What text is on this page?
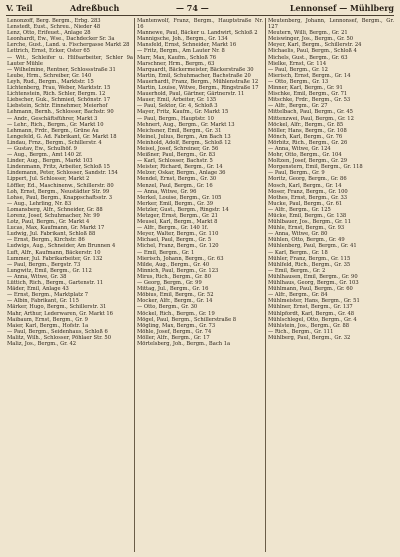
V. Teil	Adreßbuch	— 74 —	Lennonsef — Mühlberg

Lenonzoff, Berg. Bergm., Erbg. 283

Lenstedt, Eust., Schreu., Nieder 48

Lenz, Otto, Erifeuet., Anlage 28

Leonhardt, Ew., Wse., Dachdecker Sr. 3a

Lerche, Gust., Land. u. Fischergasse Markt 28

Lettrich, Ernst, Ecker, Oster 65

— Wit., Schleifer u. Hilfsarbeiter, Schler 9a Lauter Mühle

— Wilhelmine, Rentner, Schlossstraße 31

Leube, Hrm., Schreiber, Gr. 140

Leyh, Rud., Bergm., Marktstr. 15

Lichtenberg, Frau, Weber, Marktstr. 15

Lichtenstein, Rich. Schler, Bergm. 12

Liebscher, Guk., Schmied, Schönstr. 17

Liebstein, Schtr. Einnehmer, Meierhof

Lehmann, Bernh., Schlosser, Bachstr. 90

— Andr., Geschäftsführer, Markt 3

— Lehr., Rich., Bergm., Gr. Markt 10

Lehmann, Frdr., Bergm., Grüne Au

Lengefeld, G. Ad. Fabrikant, Gr. Markt 18

Lindau, Frnz., Bergm., Schillerstr. 4

— Gustav, Ew., Schulhöf. 9

— Aug., Bergm., Amt 140 2f.

Linder, Aug., Bergm., Markt 103

Lindenmann, Fritz, Arbeiter, Schloß 15

Lindemann, Peter, Schlosser, Sandstr. 154

Lippert, Jul. Schlosser, Markt 2

Löffler, Ed., Maschinenw., Schillerstr. 80

Loh, Ernst, Bergm., Neustädter Str. 99

Lohse, Paul, Bergm., Knappschaftsstr. 3

— Aug., Lehrling, Nr. 83

Lomansberg, Alfr., Schneider, Gr. 88

Lorenz, Josef, Schuhmacher, Nr. 99

Lotz, Paul, Bergm., Gr. Markt 4

Lucas, Max, Kaufmann, Gr. Markt 17

Ludwig, Jul. Fabrikant, Schloß 88

— Ernst, Bergm., Kirchstr. 86

Ludwigs, Aug., Schneider, Am Brunnen 4

Luft, Alfr., Kaufmann, Bäckerstr. 10

Lummer, Jul. Fabrikarbeiter, Gr. 132

— Paul, Bergm., Bergstr. 73

Lungwitz, Emil, Bergm., Gr. 112

— Anna, Witwe, Gr. 38

Lüttich, Rich., Bergm., Gartenstr. 11

Mäder, Emil, Anlage 43

— Ernst, Bergm., Marktplatz 7

— Albin, Fabrikant, Gr. 115

Märker, Hugo, Bergm., Schillerstr. 31

Mahr, Arthur, Lederwaren, Gr. Markt 16

Maibaum, Ernst, Bergm., Gr. 9

Maier, Karl, Bergm., Hofstr. 1a

— Paul, Bergm., Seidenhaus, Schloß 6

Malitz, Wilh., Schlosser, Pöhlaer Str. 50

Maliz, Jos., Bergm., Gr. 42

Mantenwolf, Franz, Bergm., Hauptstraße Nr. 16

Mannewe, Paul, Bäcker u. Landwirt, Schloß 2

Mannigsche, Joh., Bergm., Gr. 134

Mansfeld, Ernst, Schneider, Markt 16

— Fritz, Bergm., Am Lauter Nr. 8

Marr, Max, Kaufm., Schloß 76

Marschner, Hrm., Bergm., 63

Marquardt, Bäckermeister, Bäckerstraße 30

Martin, Emil, Schuhmacher, Bachstraße 20

Mauerhardt, Franz, Bergm., Mühlenstraße 12

Martin, Louise, Witwe, Bergm., Ringstraße 17

Mauerhold, Paul, Gärtner, Gärtnerstr. 11

Mauer, Emil, Arbeiter, Gr. 135

— Paul, Sektor, Gr. 4, Schloß 3

Mayer, Fritz, Kaufm., Gr. Markt 15

— Paul, Bergm., Hauptstr. 10

Mehnert, Aug., Bergm., Gr. Markt 13

Meichsner, Emil, Bergm., Gr. 31

Meinel, Julius, Bergm., Am Bach 13

Meinhold, Adolf, Bergm., Schloß 12

Meisel, Josef, Schreiner, Gr. 56

Meißner, Paul, Bergm., Gr. 83

— Karl, Schlosser, Bachstr. 5

Meister, Richard, Bergm., Gr. 14

Melzer, Oskar, Bergm., Anlage 36

Mendel, Ernst, Bergm., Gr. 30

Menzel, Paul, Bergm., Gr. 16

— Anna, Witwe, Gr. 96

Merkel, Louise, Bergm., Gr. 105

Merker, Emil, Bergm., Gr. 39

Metzler, Gust., Bergm., Ringstr. 14

Metzger, Ernst, Bergm., Gr. 21

Meusel, Karl, Bergm., Markt 8

— Alfr., Bergm., Gr. 140 1f.

Meyer, Walter, Bergm., Gr. 110

Michael, Paul, Bergm., Gr. 5

Michel, Franz, Bergm., Gr. 120

— Emil, Bergm., Gr. 1

Mierisch, Johann, Bergm., Gr. 63

Milde, Aug., Bergm., Gr. 40

Minnich, Paul, Bergm., Gr. 123

Mirus, Rich., Bergm., Gr. 80

— Georg, Bergm., Gr. 99

Mittag, Jul., Bergm., Gr. 16

Möbius, Emil, Bergm., Gr. 52

Mocker, Alfr., Bergm., Gr. 14

— Otto, Bergm., Gr. 30

Möckel, Rich., Bergm., Gr. 19

Mögel, Paul, Bergm., Schillerstraße 8

Mögling, Max, Bergm., Gr. 73

Möhle, Josef, Bergm., Gr. 74

Möller, Alfr., Bergm., Gr. 17

Mörtelsberg, Joh., Bergm., Bach 1a

Meutenberg, Johann, Lennonsef, Bergm., Gr. 127

Meutern, Willi, Bergm., Gr. 21

Meiswinger, Jos., Bergm., Gr. 50

Meyer, Karl, Bergm., Schillerstr. 24

Michaelis, Paul, Bergm., Schloß 4

Michels, Gust., Bergm., Gr. 63

Mielke, Ernst, Gr. 114

— Paul, Bergm., Gr. 12

Mierisch, Ernst, Bergm., Gr. 14

— Otto, Bergm., Gr. 13

Minner, Karl, Bergm., Gr. 91

Mischke, Emil, Bergm., Gr. 71

Mitschke, Frdr., Bergm., Gr. 53

— Alfr., Bergm., Gr. 27

Mittelbach, Paul, Bergm., Gr. 45

Mittenzwei, Paul, Bergm., Gr. 12

Möckel, Alfr., Bergm., Gr. 85

Möller, Hans, Bergm., Gr. 108

Mönch, Karl, Bergm., Gr. 76

Mörbitz, Rich., Bergm., Gr. 26

— Anna, Witwe, Gr. 124

Mohr, Otto, Bergm., Gr. 104

Moltzen, Josef, Bergm., Gr. 29

Morgenstern, Emil, Bergm., Gr. 118

— Paul, Bergm., Gr. 9

Moritz, Georg, Bergm., Gr. 86

Mosch, Karl, Bergm., Gr. 14

Moser, Franz, Bergm., Gr. 100

Mothes, Ernst, Bergm., Gr. 33

Mucke, Paul, Bergm., Gr. 61

— Alfr., Bergm., Gr. 125

Mücke, Emil, Bergm., Gr. 138

Mühlbauer, Jos., Bergm., Gr. 11

Mühle, Ernst, Bergm., Gr. 93

— Anna, Witwe, Gr. 80

Mühlen, Otto, Bergm., Gr. 49

Mühlenberg, Paul, Bergm., Gr. 41

— Karl, Bergm., Gr. 18

Mühler, Franz, Bergm., Gr. 115

Mühlfeld, Rich., Bergm., Gr. 35

— Emil, Bergm., Gr. 2

Mühlhausen, Emil, Bergm., Gr. 90

Mühlhaus, Georg, Bergm., Gr. 103

Mühlmann, Paul, Bergm., Gr. 60

— Alfr., Bergm., Gr. 84

Mühlmeister, Hans, Bergm., Gr. 51

Mühlner, Ernst, Bergm., Gr. 137

Mühlpfordt, Karl, Bergm., Gr. 48

Mühlschlegel, Otto, Bergm., Gr. 4

Mühlstein, Jos., Bergm., Gr. 88

— Rich., Bergm., Gr. 111

Mühlberg, Paul, Bergm., Gr. 32
